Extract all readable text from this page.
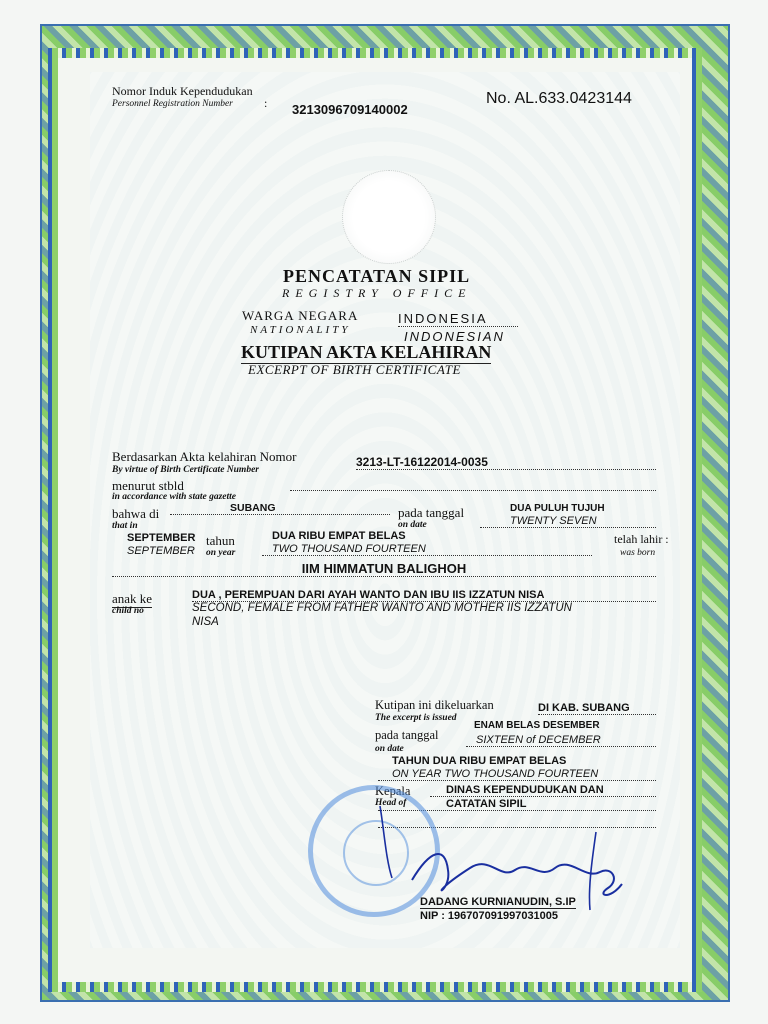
Nomor Induk Kependudukan
Personnel Registration Number	: 3213096709140002
No. AL.633.0423144
PENCATATAN SIPIL
REGISTRY OFFICE
WARGA NEGARA
NATIONALITY
INDONESIA
INDONESIAN
KUTIPAN AKTA KELAHIRAN
EXCERPT OF BIRTH CERTIFICATE
Berdasarkan Akta kelahiran Nomor
By virtue of Birth Certificate Number
3213-LT-16122014-0035
menurut stbld
in accordance with state gazette
bahwa di
that in
SUBANG	pada tanggal
on date
DUA PULUH TUJUH
TWENTY SEVEN
SEPTEMBER
SEPTEMBER
tahun
on year
DUA RIBU EMPAT BELAS
TWO THOUSAND FOURTEEN
telah lahir :
was born
IIM HIMMATUN BALIGHOH
anak ke
child no
DUA , PEREMPUAN DARI AYAH WANTO DAN IBU IIS IZZATUN NISA
SECOND, FEMALE FROM FATHER WANTO AND MOTHER IIS IZZATUN
NISA
Kutipan ini dikeluarkan
The excerpt is issued
DI KAB. SUBANG
pada tanggal
on date
ENAM BELAS DESEMBER
SIXTEEN of DECEMBER
TAHUN DUA RIBU EMPAT BELAS
ON YEAR TWO THOUSAND FOURTEEN
Kepala
Head of
DINAS KEPENDUDUKAN DAN
CATATAN SIPIL
DADANG KURNIANUDIN, S.IP
NIP : 196707091997031005
